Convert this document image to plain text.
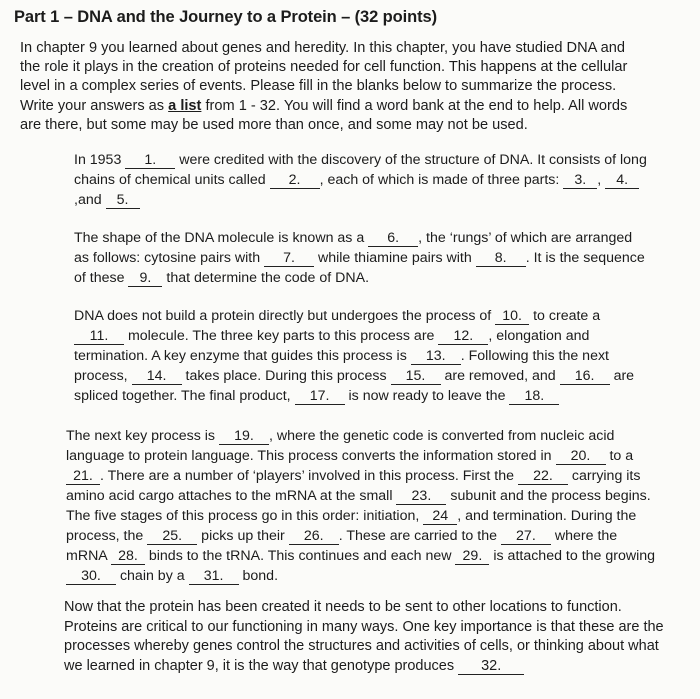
Part 1 – DNA and the Journey to a Protein – (32 points)
In chapter 9 you learned about genes and heredity. In this chapter, you have studied DNA and the role it plays in the creation of proteins needed for cell function. This happens at the cellular level in a complex series of events. Please fill in the blanks below to summarize the process. Write your answers as a list from 1 - 32. You will find a word bank at the end to help. All words are there, but some may be used more than once, and some may not be used.
In 1953 1. were credited with the discovery of the structure of DNA. It consists of long chains of chemical units called 2. , each of which is made of three parts: 3. , 4.,and 5.
The shape of the DNA molecule is known as a 6. , the ‘rungs’ of which are arranged as follows: cytosine pairs with 7. while thiamine pairs with 8. . It is the sequence of these 9. that determine the code of DNA.
DNA does not build a protein directly but undergoes the process of 10. to create a 11. molecule. The three key parts to this process are 12. , elongation and termination. A key enzyme that guides this process is 13. . Following this the next process, 14. takes place. During this process 15. are removed, and 16. are spliced together. The final product, 17. is now ready to leave the 18.
The next key process is 19. , where the genetic code is converted from nucleic acid language to protein language. This process converts the information stored in 20. to a 21. . There are a number of ‘players’ involved in this process. First the 22. carrying its amino acid cargo attaches to the mRNA at the small 23. subunit and the process begins. The five stages of this process go in this order: initiation, 24 , and termination. During the process, the 25. picks up their 26. . These are carried to the 27. where the mRNA 28. binds to the tRNA. This continues and each new 29. is attached to the growing 30. chain by a 31. bond.
Now that the protein has been created it needs to be sent to other locations to function. Proteins are critical to our functioning in many ways. One key importance is that these are the processes whereby genes control the structures and activities of cells, or thinking about what we learned in chapter 9, it is the way that genotype produces 32.
